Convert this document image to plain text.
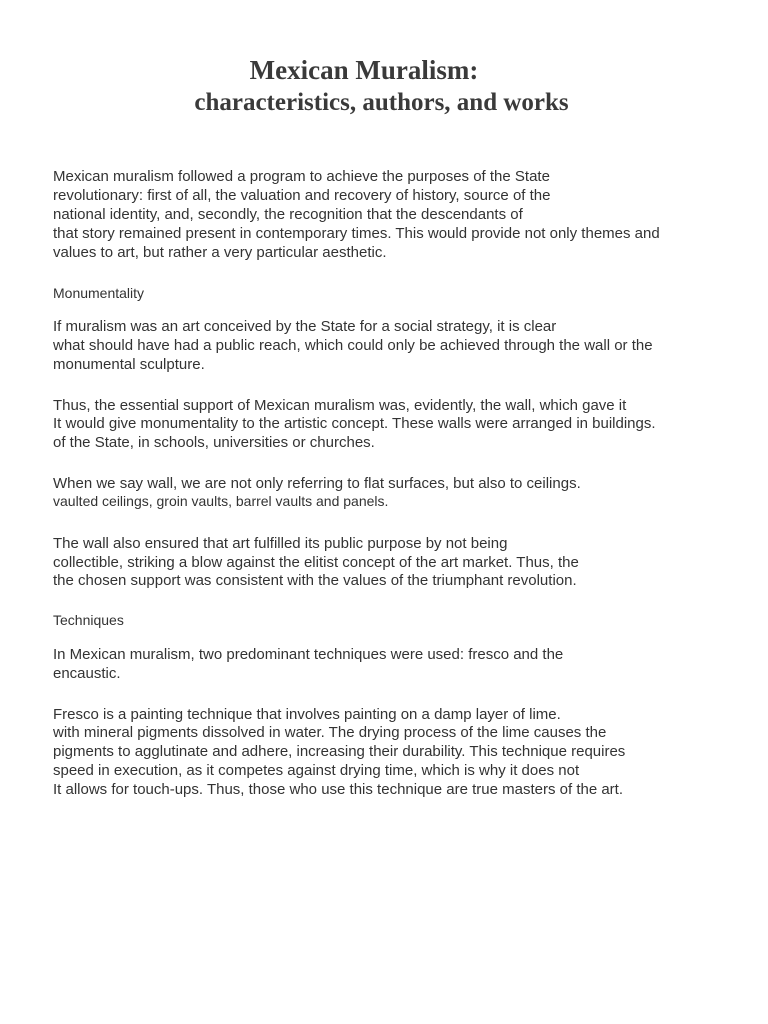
Mexican Muralism:
characteristics, authors, and works
Mexican muralism followed a program to achieve the purposes of the State
revolutionary: first of all, the valuation and recovery of history, source of the
national identity, and, secondly, the recognition that the descendants of
that story remained present in contemporary times. This would provide not only themes and
values to art, but rather a very particular aesthetic.
Monumentality
If muralism was an art conceived by the State for a social strategy, it is clear
what should have had a public reach, which could only be achieved through the wall or the
monumental sculpture.
Thus, the essential support of Mexican muralism was, evidently, the wall, which gave it
It would give monumentality to the artistic concept. These walls were arranged in buildings.
of the State, in schools, universities or churches.
When we say wall, we are not only referring to flat surfaces, but also to ceilings.
vaulted ceilings, groin vaults, barrel vaults and panels.
The wall also ensured that art fulfilled its public purpose by not being
collectible, striking a blow against the elitist concept of the art market. Thus, the
the chosen support was consistent with the values of the triumphant revolution.
Techniques
In Mexican muralism, two predominant techniques were used: fresco and the
encaustic.
Fresco is a painting technique that involves painting on a damp layer of lime.
with mineral pigments dissolved in water. The drying process of the lime causes the
pigments to agglutinate and adhere, increasing their durability. This technique requires
speed in execution, as it competes against drying time, which is why it does not
It allows for touch-ups. Thus, those who use this technique are true masters of the art.
